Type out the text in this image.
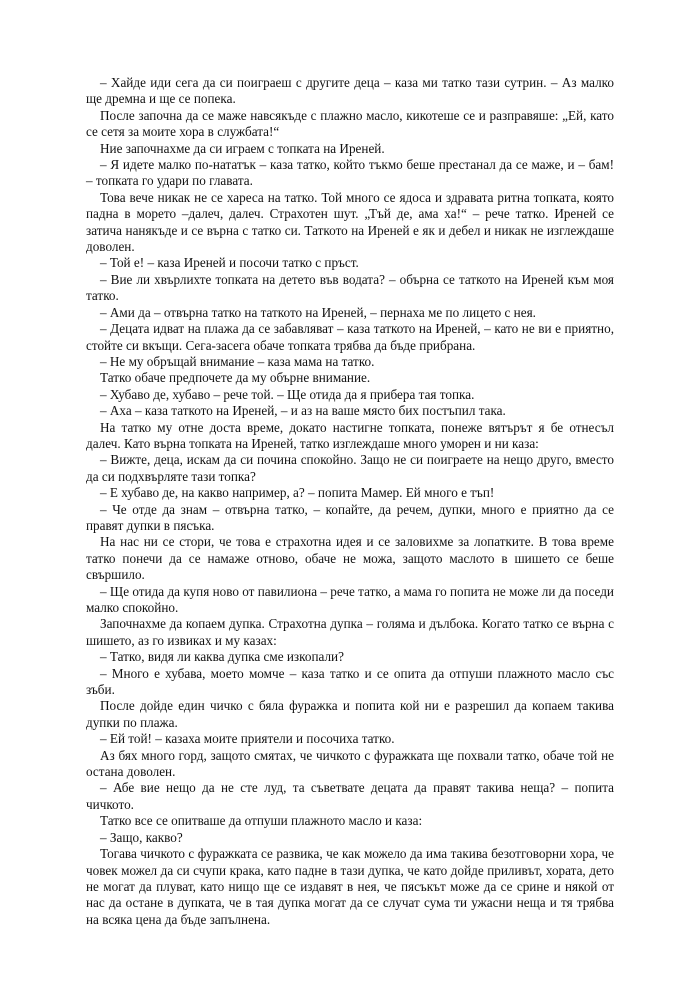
– Хайде иди сега да си поиграеш с другите деца – каза ми татко тази сутрин. – Аз малко ще дремна и ще се попека.

После започна да се маже навсякъде с плажно масло, кикотеше се и разправяше: „Ей, като се сетя за моите хора в службата!“

Ние започнахме да си играем с топката на Иреней.

– Я идете малко по-нататък – каза татко, който тъкмо беше престанал да се маже, и – бам! – топката го удари по главата.

Това вече никак не се хареса на татко. Той много се ядоса и здравата ритна топката, която падна в морето –далеч, далеч. Страхотен шут. „Тъй де, ама ха!“ – рече татко. Иреней се затича нанякъде и се върна с татко си. Таткото на Иреней е як и дебел и никак не изглеждаше доволен.

– Той е! – каза Иреней и посочи татко с пръст.

– Вие ли хвърлихте топката на детето във водата? – обърна се таткото на Иреней към моя татко.

– Ами да – отвърна татко на таткото на Иреней, – пернаха ме по лицето с нея.

– Децата идват на плажа да се забавляват – каза таткото на Иреней, – като не ви е приятно, стойте си вкъщи. Сега-засега обаче топката трябва да бъде прибрана.

– Не му обръщай внимание – каза мама на татко.

Татко обаче предпочете да му обърне внимание.

– Хубаво де, хубаво – рече той. – Ще отида да я прибера тая топка.

– Аха – каза таткото на Иреней, – и аз на ваше място бих постъпил така.

На татко му отне доста време, докато настигне топката, понеже вятърът я бе отнесъл далеч. Като върна топката на Иреней, татко изглеждаше много уморен и ни каза:

– Вижте, деца, искам да си почина спокойно. Защо не си поиграете на нещо друго, вместо да си подхвърляте тази топка?

– Е хубаво де, на какво например, а? – попита Мамер. Ей много е тъп!

– Че отде да знам – отвърна татко, – копайте, да речем, дупки, много е приятно да се правят дупки в пясъка.

На нас ни се стори, че това е страхотна идея и се заловихме за лопатките. В това време татко понечи да се намаже отново, обаче не можа, защото маслото в шишето се беше свършило.

– Ще отида да купя ново от павилиона – рече татко, а мама го попита не може ли да поседи малко спокойно.

Започнахме да копаем дупка. Страхотна дупка – голяма и дълбока. Когато татко се върна с шишето, аз го извиках и му казах:

– Татко, видя ли каква дупка сме изкопали?

– Много е хубава, моето момче – каза татко и се опита да отпуши плажното масло със зъби.

После дойде един чичко с бяла фуражка и попита кой ни е разрешил да копаем такива дупки по плажа.

– Ей той! – казаха моите приятели и посочиха татко.

Аз бях много горд, защото смятах, че чичкото с фуражката ще похвали татко, обаче той не остана доволен.

– Абе вие нещо да не сте луд, та съветвате децата да правят такива неща? – попита чичкото.

Татко все се опитваше да отпуши плажното масло и каза:

– Защо, какво?

Тогава чичкото с фуражката се развика, че как можело да има такива безотговорни хора, че човек можел да си счупи крака, като падне в тази дупка, че като дойде приливът, хората, дето не могат да плуват, като нищо ще се издавят в нея, че пясъкът може да се срине и някой от нас да остане в дупката, че в тая дупка могат да се случат сума ти ужасни неща и тя трябва на всяка цена да бъде запълнена.
